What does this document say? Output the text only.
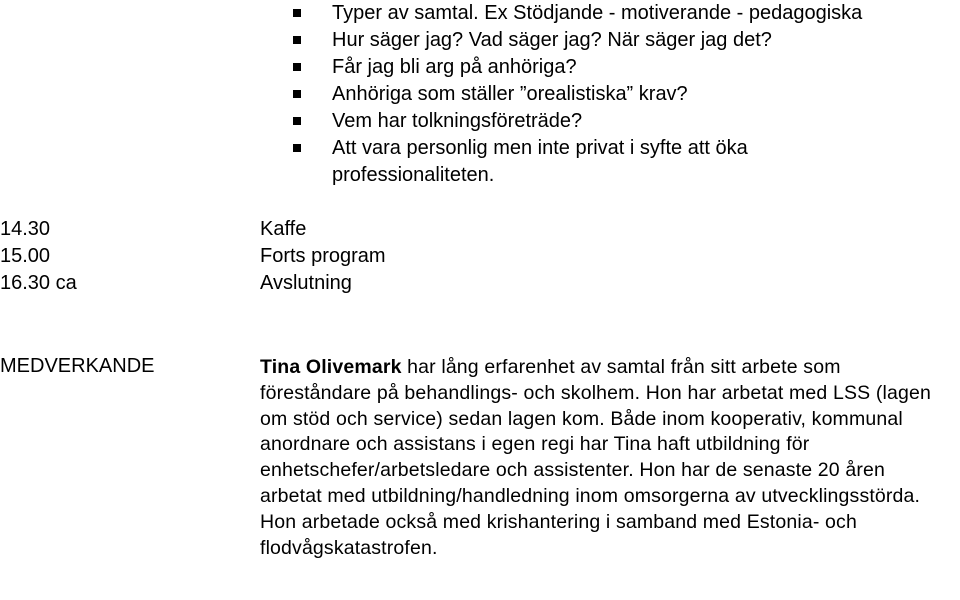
Typer av samtal. Ex Stödjande - motiverande - pedagogiska
Hur säger jag? Vad säger jag? När säger jag det?
Får jag bli arg på anhöriga?
Anhöriga som ställer ”orealistiska” krav?
Vem har tolkningsföreträde?
Att vara personlig men inte privat i syfte att öka professionaliteten.
14.30	Kaffe
15.00	Forts program
16.30 ca	Avslutning
MEDVERKANDE	Tina Olivemark har lång erfarenhet av samtal från sitt arbete som föreståndare på behandlings- och skolhem. Hon har arbetat med LSS (lagen om stöd och service) sedan lagen kom. Både inom kooperativ, kommunal anordnare och assistans i egen regi har Tina haft utbildning för enhetschefer/arbetsledare och assistenter. Hon har de senaste 20 åren arbetat med utbildning/handledning inom omsorgerna av utvecklingsstörda. Hon arbetade också med krishantering i samband med Estonia- och flodvågskatastrofen.
